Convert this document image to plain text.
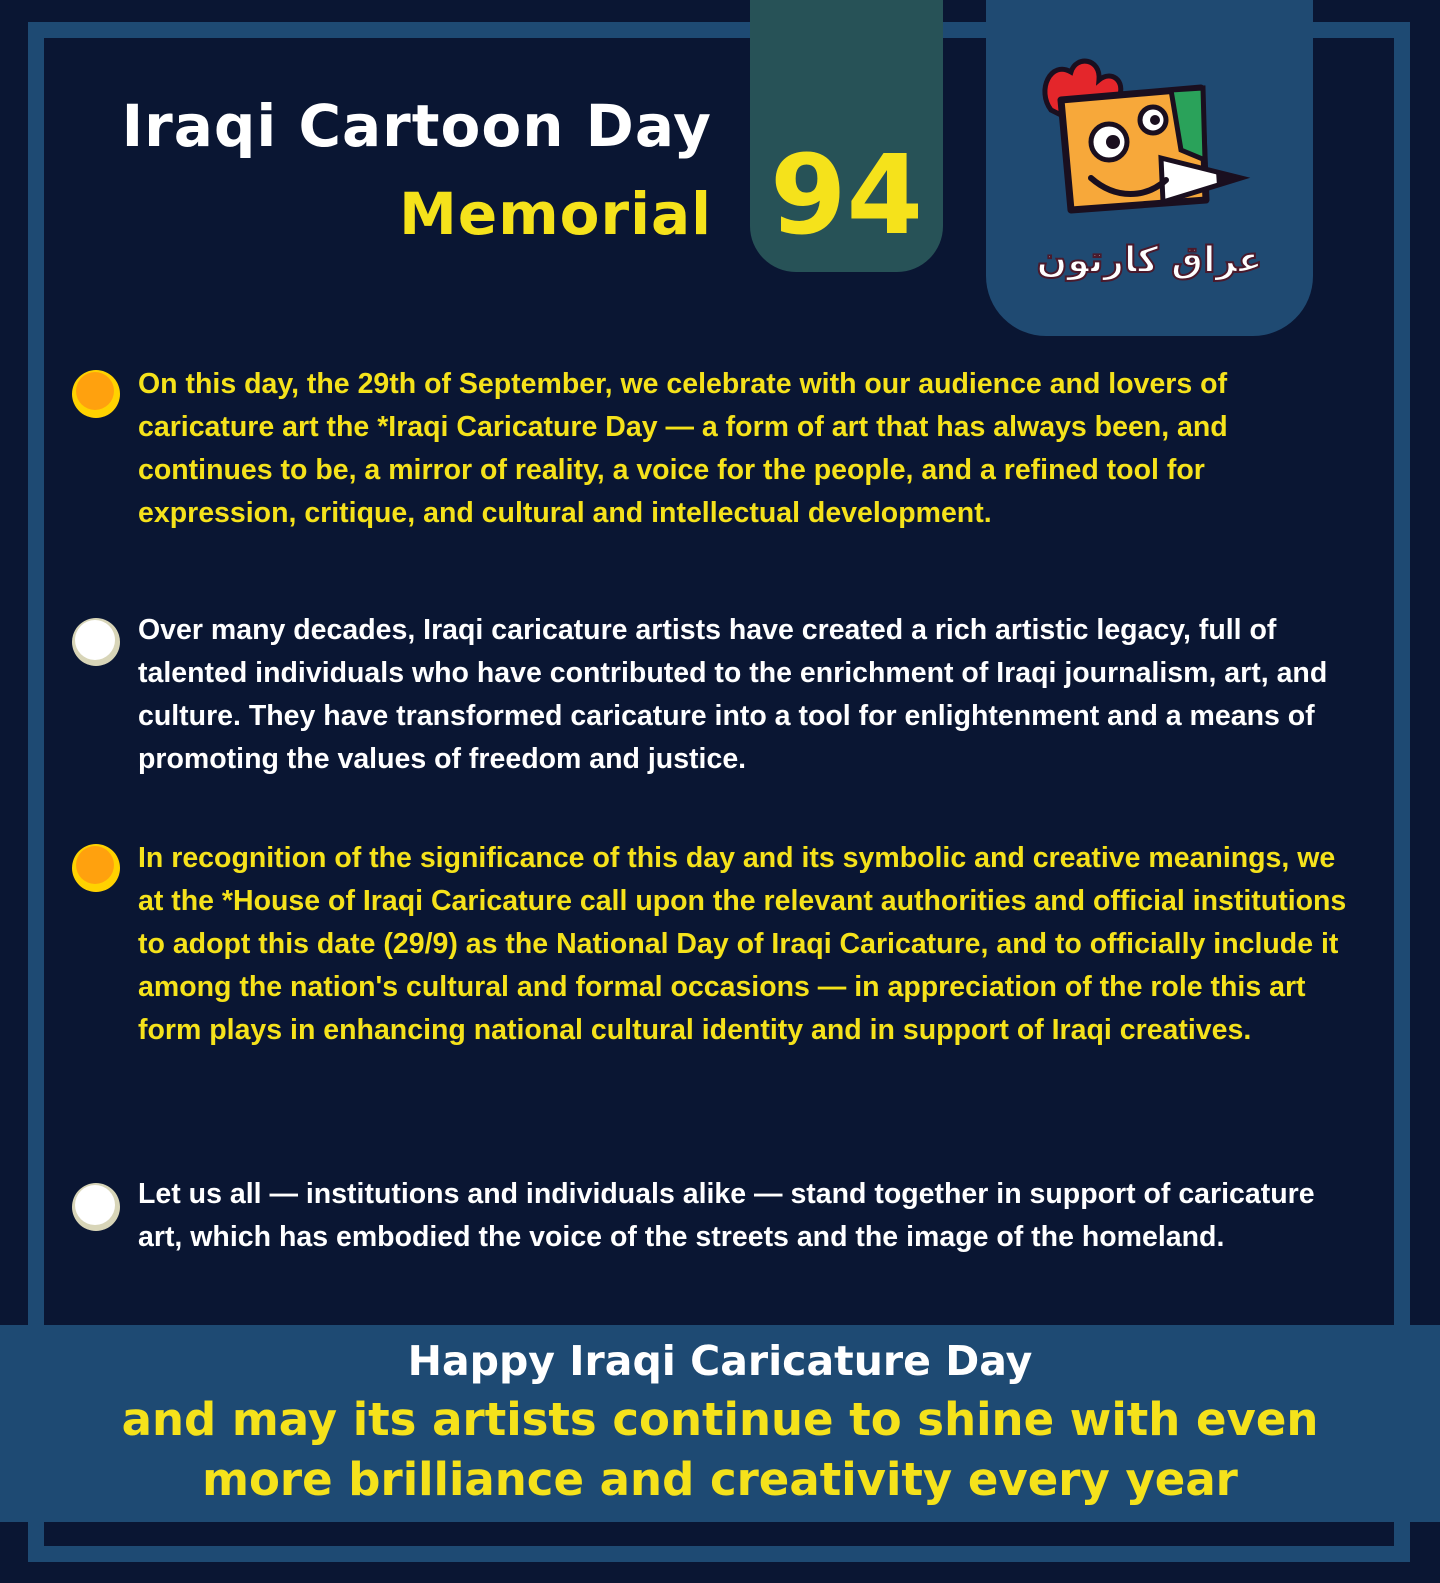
Iraqi Cartoon Day
Memorial 94
عراق كارتون

On this day, the 29th of September, we celebrate with our audience and lovers of caricature art the *Iraqi Caricature Day — a form of art that has always been, and continues to be, a mirror of reality, a voice for the people, and a refined tool for expression, critique, and cultural and intellectual development.

Over many decades, Iraqi caricature artists have created a rich artistic legacy, full of talented individuals who have contributed to the enrichment of Iraqi journalism, art, and culture. They have transformed caricature into a tool for enlightenment and a means of promoting the values of freedom and justice.

In recognition of the significance of this day and its symbolic and creative meanings, we at the *House of Iraqi Caricature call upon the relevant authorities and official institutions to adopt this date (29/9) as the National Day of Iraqi Caricature, and to officially include it among the nation's cultural and formal occasions — in appreciation of the role this art form plays in enhancing national cultural identity and in support of Iraqi creatives.

Let us all — institutions and individuals alike — stand together in support of caricature art, which has embodied the voice of the streets and the image of the homeland.

Happy Iraqi Caricature Day
and may its artists continue to shine with even
more brilliance and creativity every year
